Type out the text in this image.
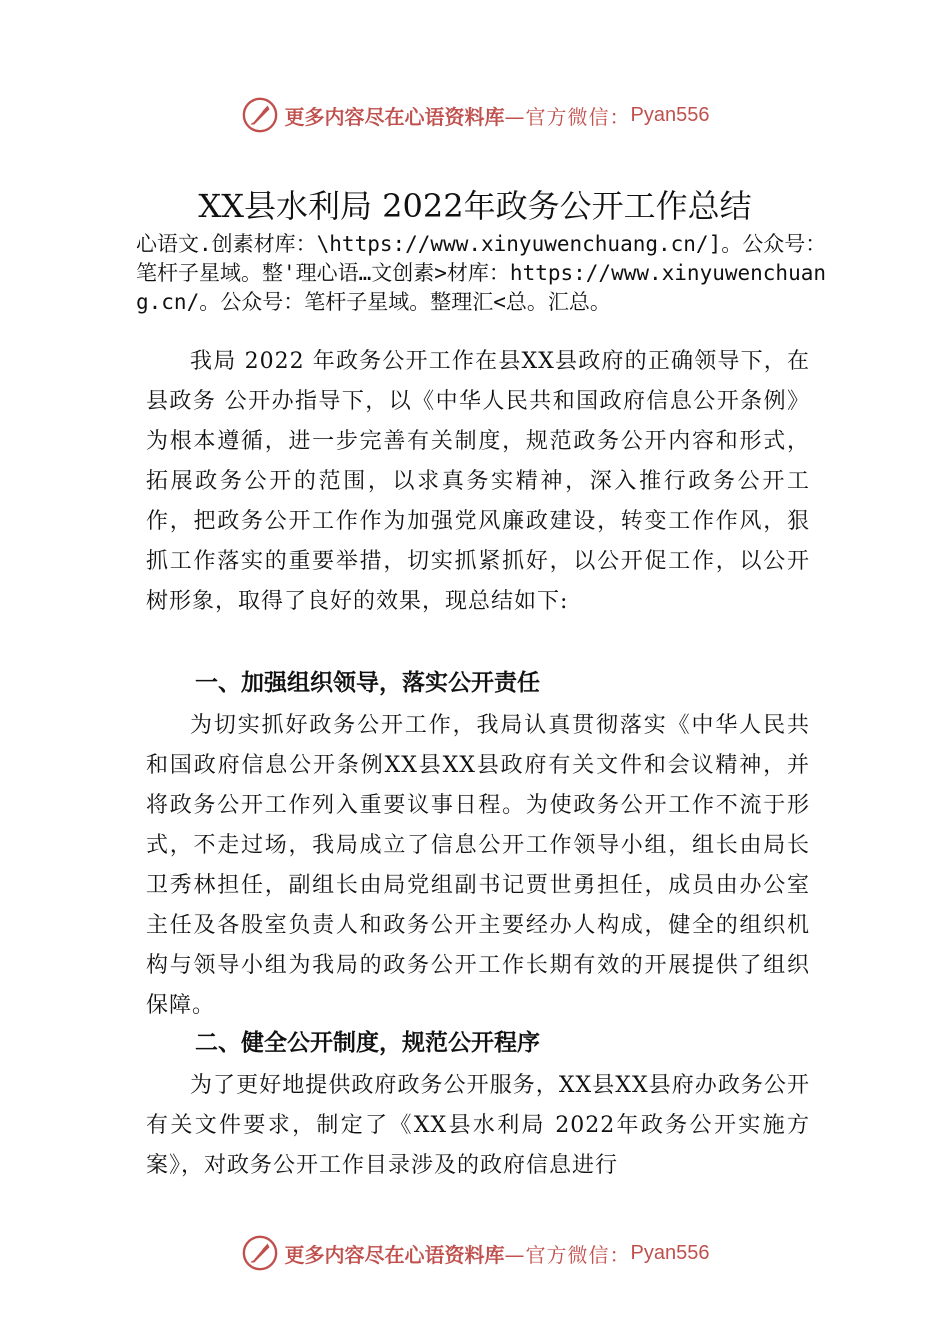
更多内容尽在心语资料库 —官方微信： Pyan556
XX县水利局 2022年政务公开工作总结
心语文.创素材库：\https://www.xinyuwenchuang.cn/]。公众号：笔杆子星域。整'理心语…文创素>材库：https://www.xinyuwenchuang.cn/。公众号：笔杆子星域。整理汇<总。汇总。

我局 2022 年政务公开工作在县XX县政府的正确领导下，在县政务 公开办指导下，以《中华人民共和国政府信息公开条例》为根本遵循，进一步完善有关制度，规范政务公开内容和形式，拓展政务公开的范围，以求真务实精神，深入推行政务公开工作，把政务公开工作作为加强党风廉政建设，转变工作作风，狠抓工作落实的重要举措，切实抓紧抓好，以公开促工作，以公开树形象，取得了良好的效果，现总结如下:

一、加强组织领导，落实公开责任

为切实抓好政务公开工作，我局认真贯彻落实《中华人民共和国政府信息公开条例XX县XX县政府有关文件和会议精神，并将政务公开工作列入重要议事日程。为使政务公开工作不流于形式，不走过场，我局成立了信息公开工作领导小组，组长由局长卫秀林担任，副组长由局党组副书记贾世勇担任，成员由办公室主任及各股室负责人和政务公开主要经办人构成，健全的组织机构与领导小组为我局的政务公开工作长期有效的开展提供了组织保障。

二、健全公开制度，规范公开程序

为了更好地提供政府政务公开服务，XX县XX县府办政务公开有关文件要求，制定了《XX县水利局 2022年政务公开实施方案》，对政务公开工作目录涉及的政府信息进行

更多内容尽在心语资料库 —官方微信： Pyan556
